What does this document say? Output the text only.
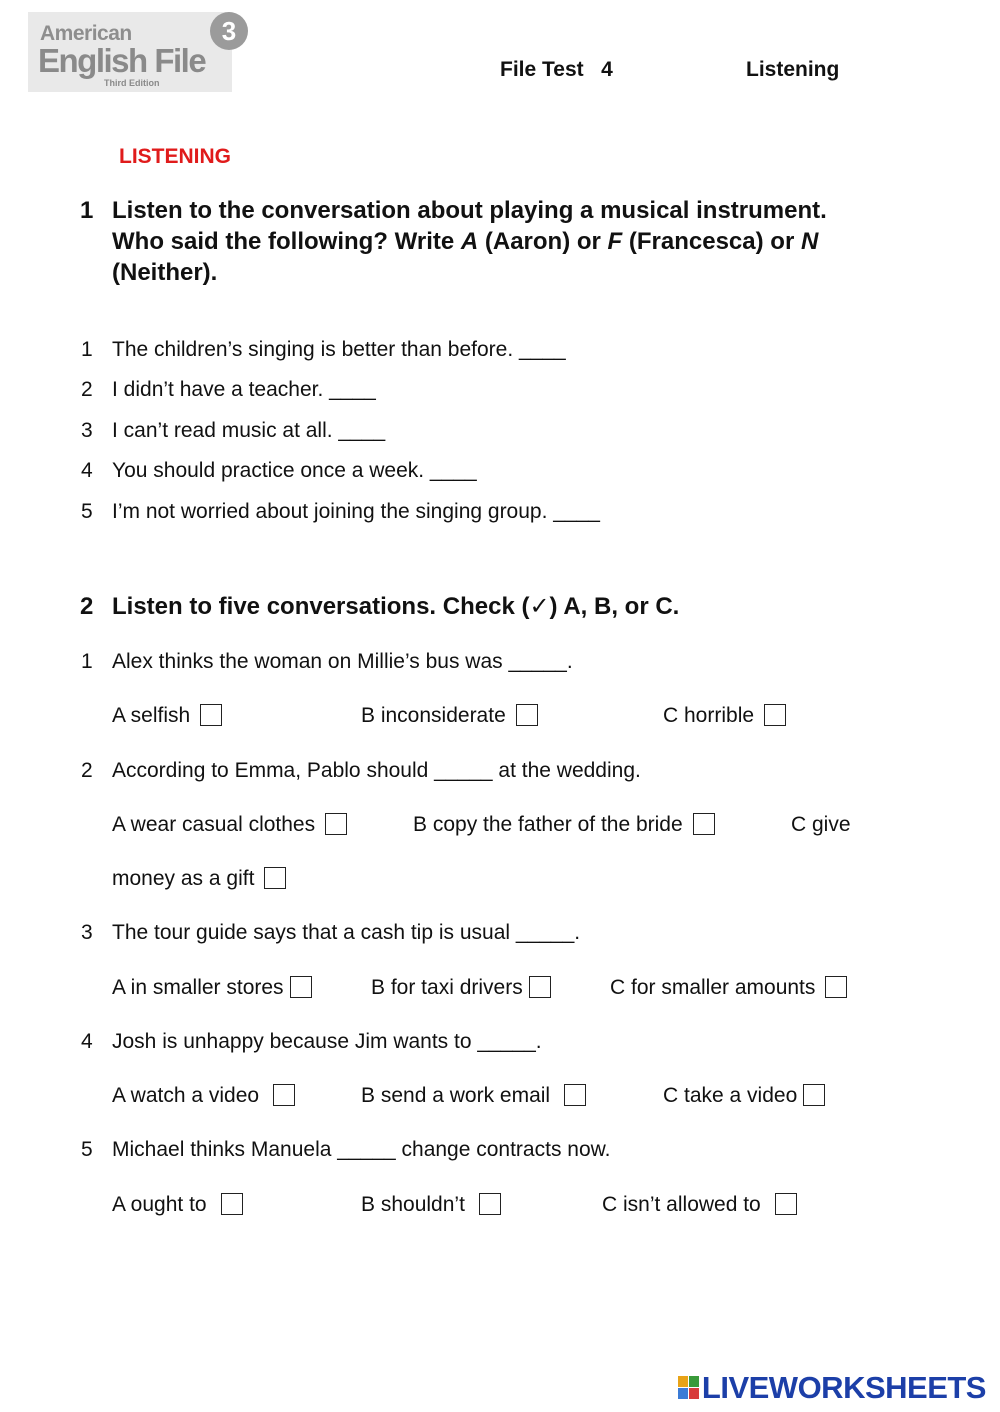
American
English File
Third Edition
3
File Test   4	Listening
LISTENING
1 Listen to the conversation about playing a musical instrument.
Who said the following? Write A (Aaron) or F (Francesca) or N
(Neither).
1 The children’s singing is better than before. ____
2 I didn’t have a teacher. ____
3 I can’t read music at all. ____
4 You should practice once a week. ____
5 I’m not worried about joining the singing group. ____
2 Listen to five conversations. Check (✓) A, B, or C.
1 Alex thinks the woman on Millie’s bus was _____.
A selfish	B inconsiderate	C horrible
2 According to Emma, Pablo should _____ at the wedding.
A wear casual clothes	B copy the father of the bride	C give
money as a gift
3 The tour guide says that a cash tip is usual _____.
A in smaller stores	B for taxi drivers	C for smaller amounts
4 Josh is unhappy because Jim wants to _____.
A watch a video	B send a work email	C take a video
5 Michael thinks Manuela _____ change contracts now.
A ought to	B shouldn’t	C isn’t allowed to
LIVEWORKSHEETS
